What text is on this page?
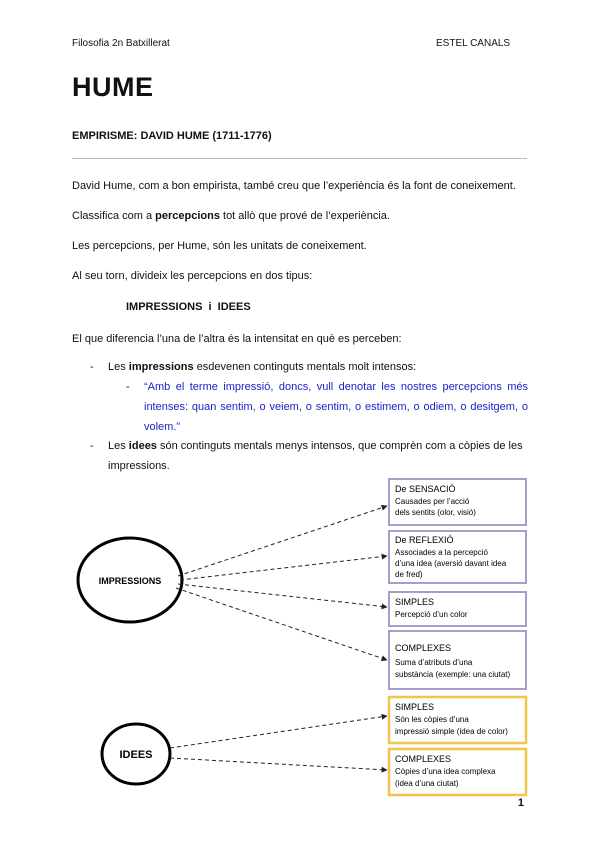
Filosofia 2n Batxillerat	ESTEL CANALS
HUME
EMPIRISME: DAVID HUME (1711-1776)
David Hume, com a bon empirista, també creu que l’experiència és la font de coneixement.
Classifica com a percepcions tot allò que prové de l’experiència.
Les percepcions, per Hume, són les unitats de coneixement.
Al seu torn, divideix les percepcions en dos tipus:
IMPRESSIONS  i  IDEES
El que diferencia l’una de l’altra és la intensitat en què es perceben:
- Les impressions esdevenen continguts mentals molt intensos:
- “Amb el terme impressió, doncs, vull denotar les nostres percepcions més
intenses: quan sentim, o veiem, o sentim, o estimem, o odiem, o desitgem, o
volem.”
- Les idees són continguts mentals menys intensos, que comprèn com a còpies de les
impressions.
IMPRESSIONS
IDEES
De SENSACIÓ
Causades per l’acció
dels sentits (olor, visió)
De REFLEXIÓ
Associades a la percepció
d’una idea (aversió davant idea
de fred)
SIMPLES
Percepció d’un color
COMPLEXES
Suma d’atributs d’una
substància (exemple: una ciutat)
SIMPLES
Són les còpies d’una
impressió simple (idea de color)
COMPLEXES
Còpies d’una idea complexa
(idea d’una ciutat)
1
